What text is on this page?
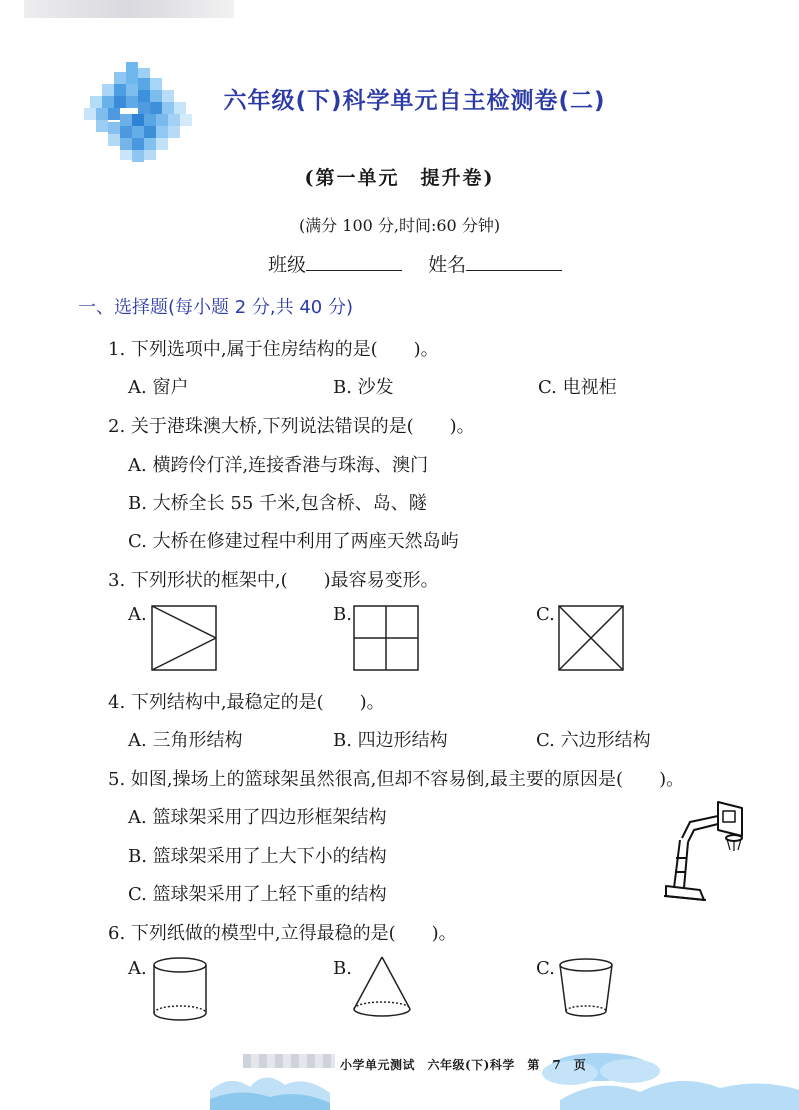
六年级(下)科学单元自主检测卷(二)
(第一单元　提升卷)
(满分 100 分,时间:60 分钟)
班级	姓名
一、选择题(每小题 2 分,共 40 分)
1. 下列选项中,属于住房结构的是(　　)。
A. 窗户	B. 沙发	C. 电视柜
2. 关于港珠澳大桥,下列说法错误的是(　　)。
A. 横跨伶仃洋,连接香港与珠海、澳门
B. 大桥全长 55 千米,包含桥、岛、隧
C. 大桥在修建过程中利用了两座天然岛屿
3. 下列形状的框架中,(　　)最容易变形。
A.	B.	C.
4. 下列结构中,最稳定的是(　　)。
A. 三角形结构	B. 四边形结构	C. 六边形结构
5. 如图,操场上的篮球架虽然很高,但却不容易倒,最主要的原因是(　　)。
A. 篮球架采用了四边形框架结构
B. 篮球架采用了上大下小的结构
C. 篮球架采用了上轻下重的结构
6. 下列纸做的模型中,立得最稳的是(　　)。
A.	B.	C.
小学单元测试　六年级(下)科学　第　7　页
